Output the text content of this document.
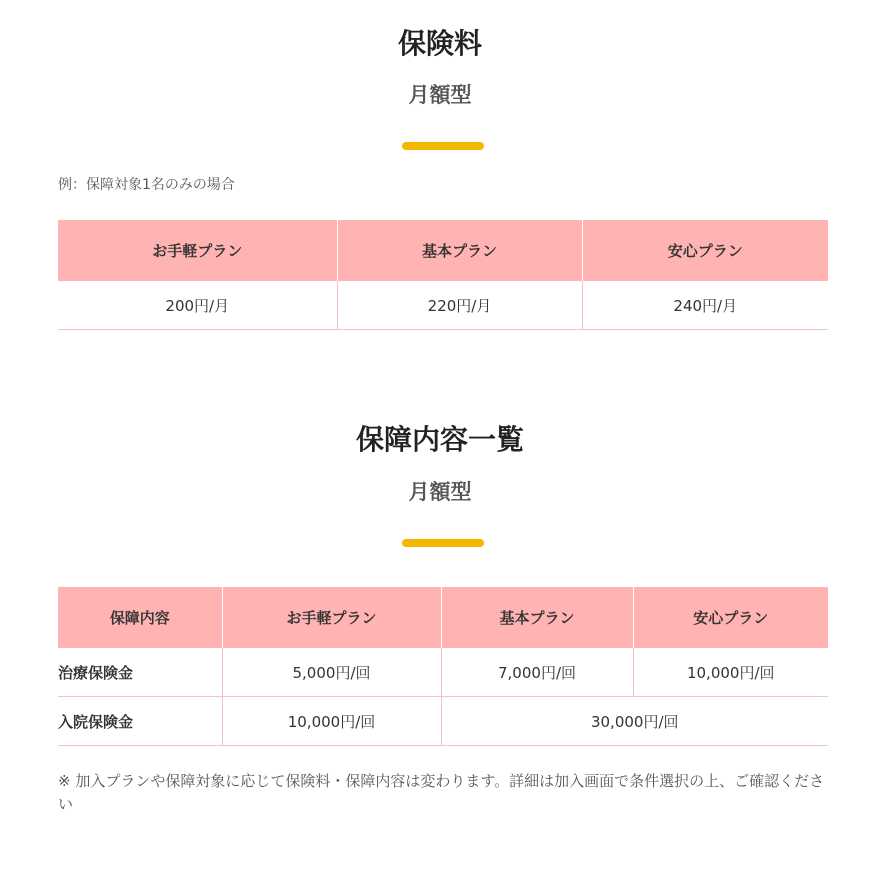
保険料
月額型
例：保障対象1名のみの場合
お手軽プラン	基本プラン	安心プラン
200円/月	220円/月	240円/月
保障内容一覧
月額型
保障内容	お手軽プラン	基本プラン	安心プラン
治療保険金	5,000円/回	7,000円/回	10,000円/回
入院保険金	10,000円/回	30,000円/回	
※ 加入プランや保障対象に応じて保険料・保障内容は変わります。詳細は加入画面で条件選択の上、ご確認ください
